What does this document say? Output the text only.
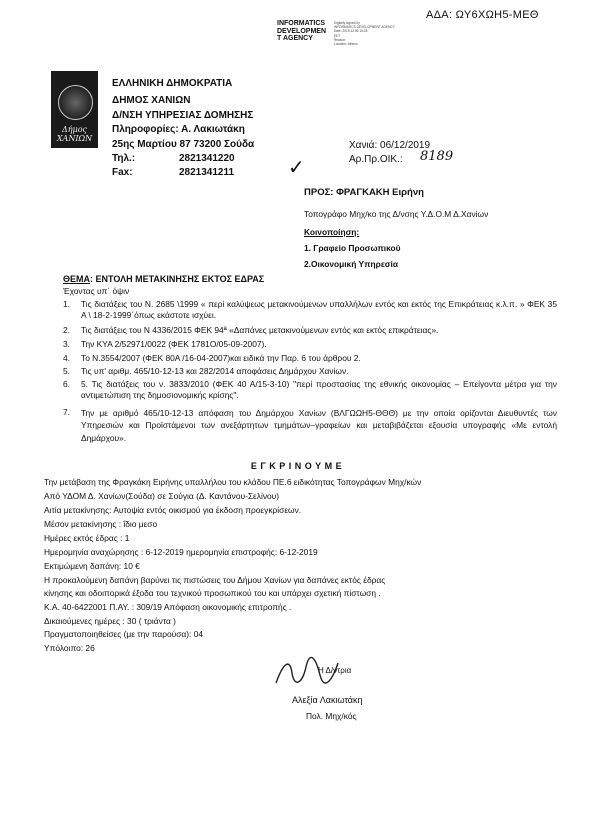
ΑΔΑ: ΩΥ6ΧΩΗ5-ΜΕΘ
INFORMATICS
DEVELOPMEN
T AGENCY
Digitally signed by
INFORMATICS DEVELOPMENT AGENCY
Date: 2019.12.06 15:23:
EET
Reason:
Location: Athens
Δήμος
ΧΑΝΙΩΝ
ΕΛΛΗΝΙΚΗ ΔΗΜΟΚΡΑΤΙΑ
ΔΗΜΟΣ ΧΑΝΙΩΝ
Δ/ΝΣΗ ΥΠΗΡΕΣΙΑΣ ΔΟΜΗΣΗΣ
Πληροφορίες: Α. Λακιωτάκη
25ης Μαρτίου 87 73200 Σούδα
Τηλ.:	2821341220
Fax:	2821341211
Χανιά: 06/12/2019
Αρ.Πρ.ΟΙΚ.: 8189
✓
ΠΡΟΣ: ΦΡΑΓΚΑΚΗ Ειρήνη
Τοπογράφο Μηχ/κο της Δ/νσης Υ.Δ.Ο.Μ Δ.Χανίων
Κοινοποίηση:
1. Γραφείο Προσωπικού
2.Οικονομική Υπηρεσία
ΘΕΜΑ: ΕΝΤΟΛΗ ΜΕΤΑΚΙΝΗΣΗΣ ΕΚΤΟΣ ΕΔΡΑΣ
Έχοντας υπ΄ όψιν
1. Τις διατάξεις του Ν. 2685 \1999 « περί καλύψεως μετακινούμενων υπαλλήλων εντός και εκτός της Επικράτειας κ.λ.π. » ΦΕΚ 35 Α \ 18-2-1999΄όπως εκάστοτε ισχύει.
2. Τις διατάξεις του Ν 4336/2015 ΦΕΚ 94ª «Δαπάνες μετακινούμενων εντός και εκτός επικράτειας».
3. Την ΚΥΑ 2/52971/0022 (ΦΕΚ 1781Ο/05-09-2007).
4. Το Ν.3554/2007 (ΦΕΚ 80Α /16-04-2007)και ειδικά την Παρ. 6 του άρθρου 2.
5. Τις υπ' αριθμ. 465/10-12-13 και 282/2014 αποφάσεις Δημάρχου Χανίων.
6. 5. Τις διατάξεις του ν. 3833/2010 (ΦΕΚ 40 Α/15-3-10) "περί προστασίας της εθνικής οικονομίας – Επείγοντα μέτρα για την αντιμετώπιση της δημοσιονομικής κρίσης".
7. Την με αριθμό 465/10-12-13 απόφαση του Δημάρχου Χανίων (ΒΛΓΩΩΗ5-ΘΘΘ) με την οποία ορίζονται Διευθυντές των Υπηρεσιών και Προϊστάμενοι των ανεξάρτητων τμημάτων–γραφείων και μεταβιβάζεται εξουσία υπογραφής «Με εντολή Δημάρχου».
Ε Γ Κ Ρ Ι Ν Ο Υ Μ Ε
Την μετάβαση της Φραγκάκη Ειρήνης υπαλλήλου του κλάδου ΠΕ.6 ειδικότητας Τοπογράφων Μηχ/κών
Από ΥΔΟΜ Δ. Χανίων(Σούδα) σε Σούγια (Δ. Καντάνου-Σελίνου)
Αιτία μετακίνησης: Αυτοψία εντός οικισμού για έκδοση προεγκρίσεων.
Μέσον μετακίνησης : ΐδιο μεσο
Ημέρες εκτός έδρας : 1
Ημερομηνία αναχώρησης : 6-12-2019 ημερομηνία επιστροφής: 6-12-2019
Εκτιμώμενη δαπάνη: 10 €
Η προκαλούμενη δαπάνη βαρύνει τις πιστώσεις του Δήμου Χανίων για δαπάνες εκτός έδρας
κίνησης και οδοιπορικά έξοδα του τεχνικού προσωπικού του και υπάρχει σχετική πίστωση .
Κ.Α. 40-6422001 Π.ΑΥ. : 309/19 Απόφαση οικονομικής επιτροπής .
Δικαιούμενες ημέρες : 30 ( τριάντα )
Πραγματοποιηθείσες (με την παρούσα): 04
Υπόλοιπο: 26
Η Δ/ντρια
Αλεξία Λακιωτάκη
Πολ. Μηχ/κός
